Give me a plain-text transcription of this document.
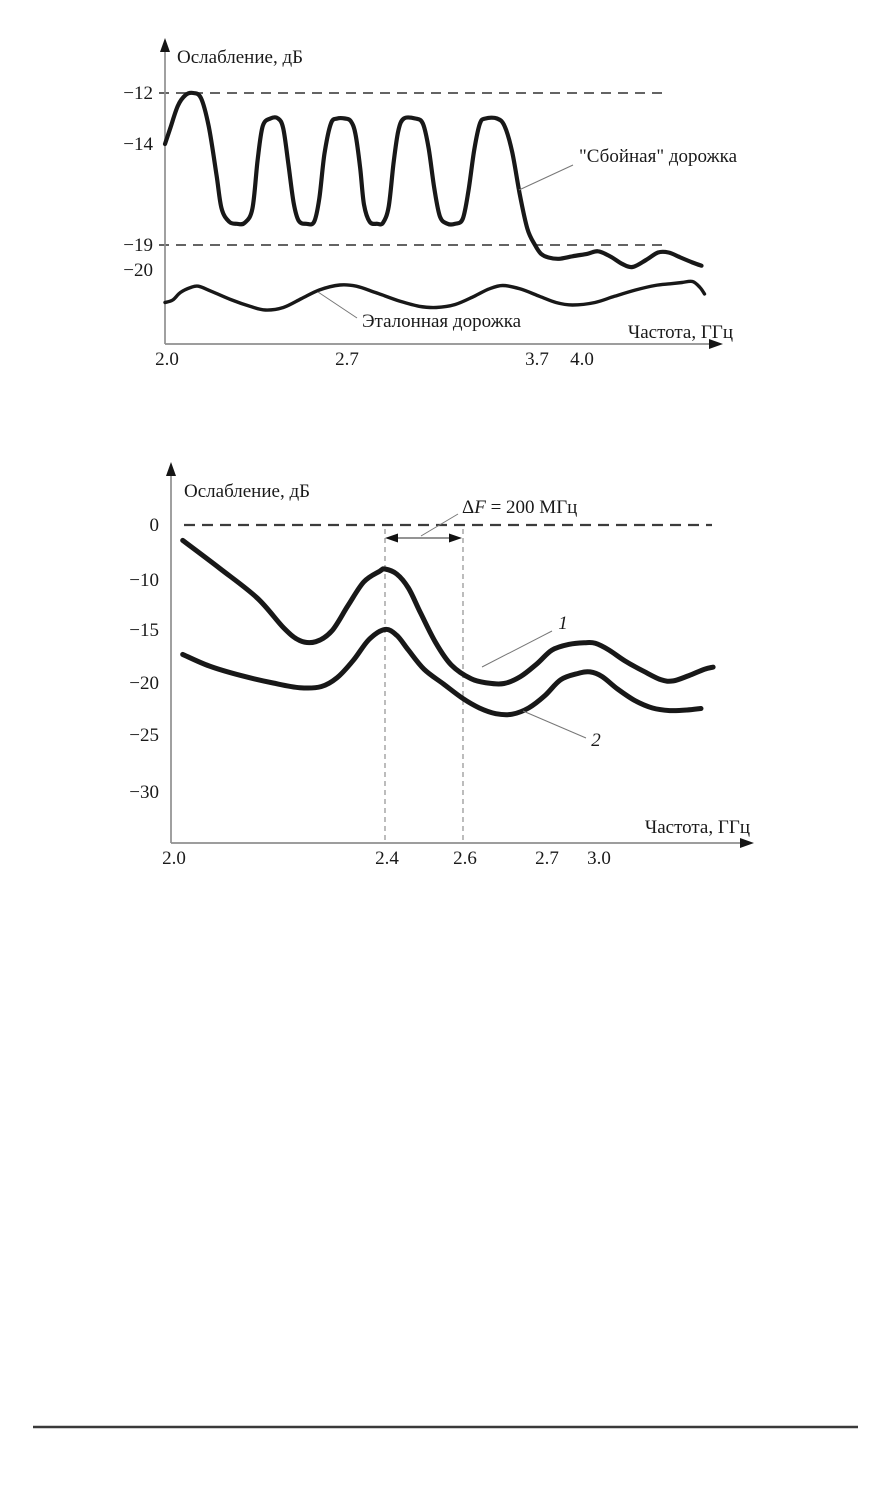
−12
−14
−19
−20
2.0	2.7	3.7 4.0
"Сбойная" дорожка
Эталонная дорожка
0
−10
−15
−20
−25
−30
2.0	2.4	2.6	2.7 3.0
1
2
ΔF = 200 МГц
Ослабление, дБ
Частота, ГГц
Ослабление, дБ
Частота, ГГц
